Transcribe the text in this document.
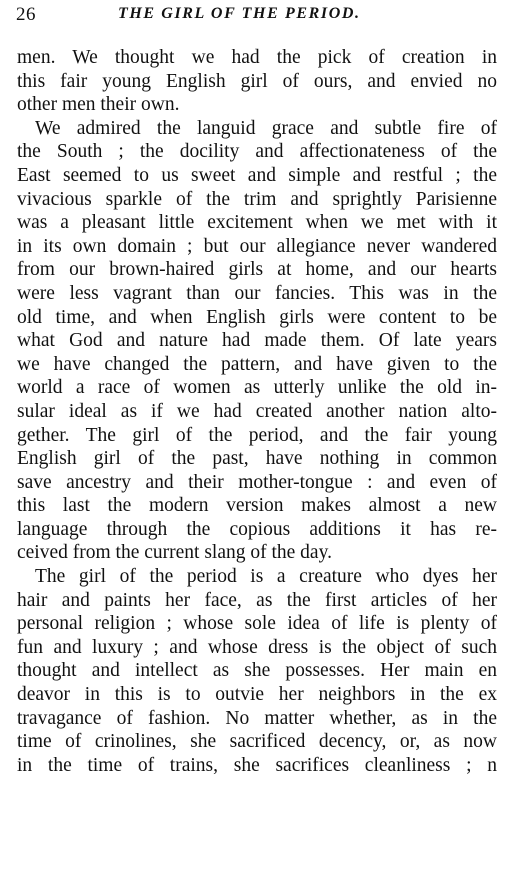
26	THE GIRL OF THE PERIOD.
men. We thought we had the pick of creation in
this fair young English girl of ours, and envied no
other men their own.
We admired the languid grace and subtle fire of
the South ; the docility and affectionateness of the
East seemed to us sweet and simple and restful ; the
vivacious sparkle of the trim and sprightly Parisienne
was a pleasant little excitement when we met with it
in its own domain ; but our allegiance never wandered
from our brown-haired girls at home, and our hearts
were less vagrant than our fancies. This was in the
old time, and when English girls were content to be
what God and nature had made them. Of late years
we have changed the pattern, and have given to the
world a race of women as utterly unlike the old in-
sular ideal as if we had created another nation alto-
gether. The girl of the period, and the fair young
English girl of the past, have nothing in common
save ancestry and their mother-tongue : and even of
this last the modern version makes almost a new
language through the copious additions it has re-
ceived from the current slang of the day.
The girl of the period is a creature who dyes her
hair and paints her face, as the first articles of her
personal religion ; whose sole idea of life is plenty of
fun and luxury ; and whose dress is the object of such
thought and intellect as she possesses. Her main en
deavor in this is to outvie her neighbors in the ex
travagance of fashion. No matter whether, as in the
time of crinolines, she sacrificed decency, or, as now
in the time of trains, she sacrifices cleanliness ; n
